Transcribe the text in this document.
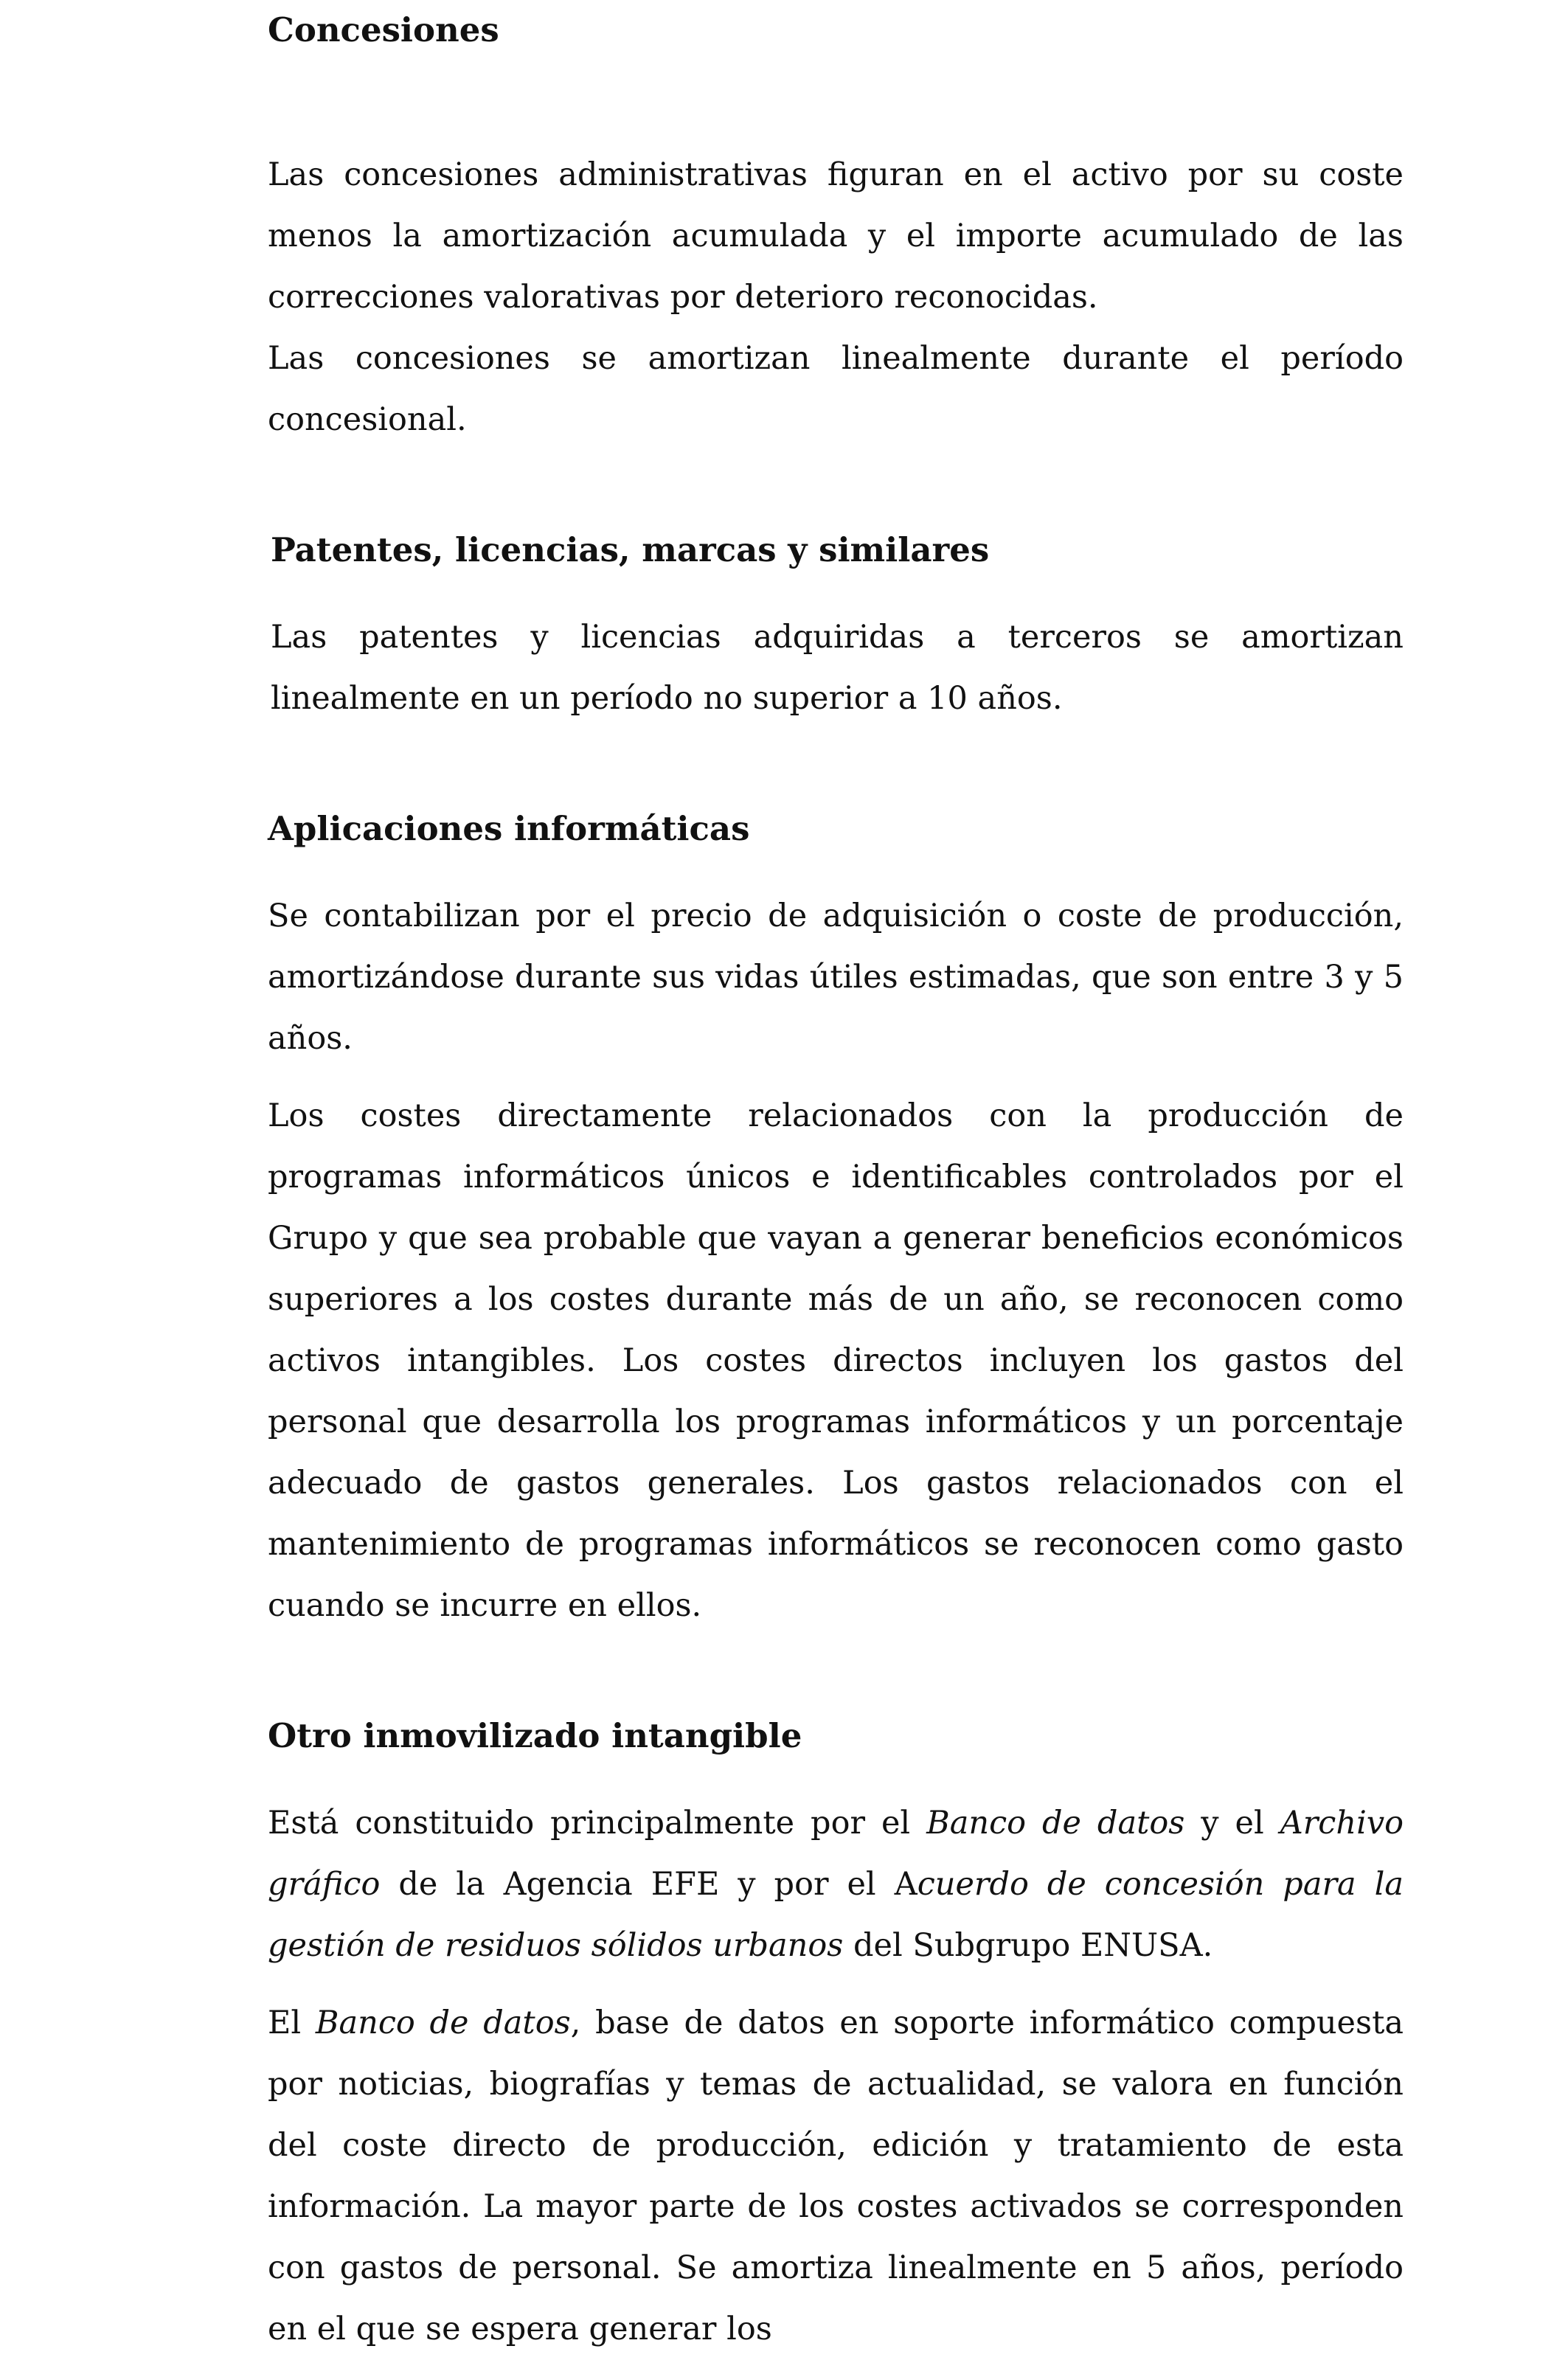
Concesiones

Las concesiones administrativas figuran en el activo por su coste menos la amortización acumulada y el importe acumulado de las correcciones valorativas por deterioro reconocidas.

Las concesiones se amortizan linealmente durante el período concesional.

Patentes, licencias, marcas y similares

Las patentes y licencias adquiridas a terceros se amortizan linealmente en un período no superior a 10 años.

Aplicaciones informáticas

Se contabilizan por el precio de adquisición o coste de producción, amortizándose durante sus vidas útiles estimadas, que son entre 3 y 5 años.

Los costes directamente relacionados con la producción de programas informáticos únicos e identificables controlados por el Grupo y que sea probable que vayan a generar beneficios económicos superiores a los costes durante más de un año, se reconocen como activos intangibles. Los costes directos incluyen los gastos del personal que desarrolla los programas informáticos y un porcentaje adecuado de gastos generales. Los gastos relacionados con el mantenimiento de programas informáticos se reconocen como gasto cuando se incurre en ellos.

Otro inmovilizado intangible

Está constituido principalmente por el Banco de datos y el Archivo gráfico de la Agencia EFE y por el Acuerdo de concesión para la gestión de residuos sólidos urbanos del Subgrupo ENUSA.

El Banco de datos, base de datos en soporte informático compuesta por noticias, biografías y temas de actualidad, se valora en función del coste directo de producción, edición y tratamiento de esta información. La mayor parte de los costes activados se corresponden con gastos de personal. Se amortiza linealmente en 5 años, período en el que se espera generar los
